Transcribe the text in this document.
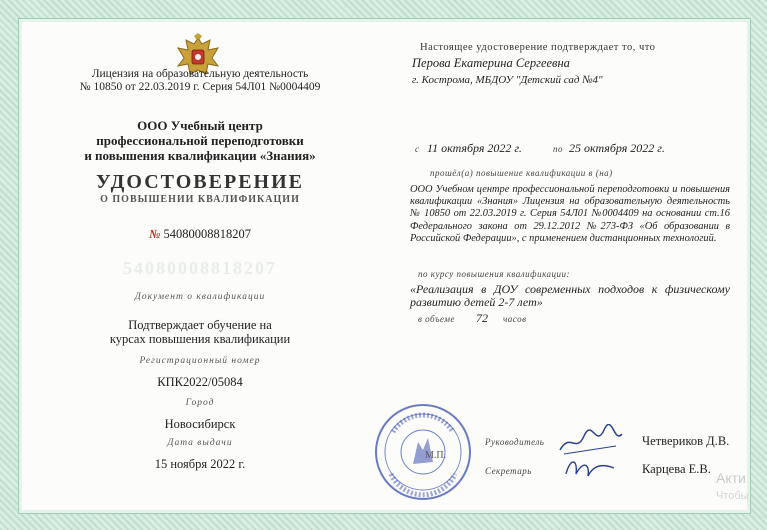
Лицензия на образовательную деятельность
№ 10850 от 22.03.2019 г. Серия 54Л01 №0004409
ООО Учебный центр
профессиональной переподготовки
и повышения квалификации «Знания»
УДОСТОВЕРЕНИЕ
О ПОВЫШЕНИИ КВАЛИФИКАЦИИ
№ 54080008818207
54080008818207
Документ о квалификации
Подтверждает обучение на
курсах повышения квалификации
Регистрационный номер
КПК2022/05084
Город
Новосибирск
Дата выдачи
15 ноября 2022 г.
Настоящее удостоверение подтверждает то, что
Перова Екатерина Сергеевна
г. Кострома, МБДОУ "Детский сад №4"
с 11 октября 2022 г.	по 25 октября 2022 г.
прошёл(а) повышение квалификации в (на)
ООО Учебном центре профессиональной переподготовки и повышения квалификации «Знания» Лицензия на образовательную деятельность № 10850 от 22.03.2019 г. Серия 54Л01 №0004409 на основании ст.16 Федерального закона от 29.12.2012 №273-ФЗ «Об образовании в Российской Федерации», с применением дистанционных технологий.
по курсу повышения квалификации:
«Реализация в ДОУ современных подходов к физическому развитию детей 2-7 лет»
в объеме 72 часов
М.П.
Руководитель	Четвериков Д.В.
Секретарь	Карцева Е.В.
Акти
Чтобы
